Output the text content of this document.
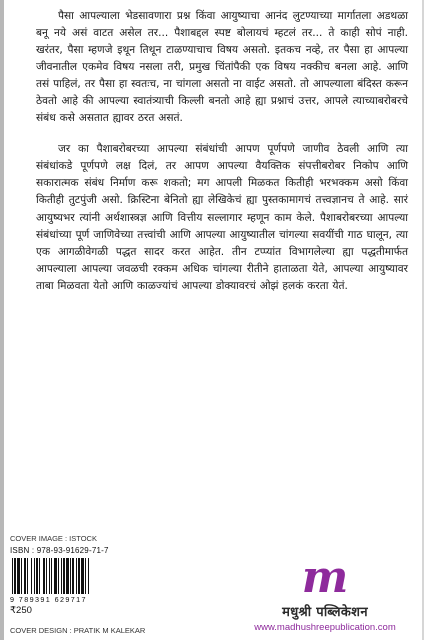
पैसा आपल्याला भेडसावणारा प्रश्न किंवा आयुष्याचा आनंद लुटण्याच्या मार्गातला अडथळा बनू नये असं वाटत असेल तर... पैशाबद्दल स्पष्ट बोलायचं म्हटलं तर... ते काही सोपं नाही. खरंतर, पैसा म्हणजे इथून तिथून टाळण्याचाच विषय असतो. इतकच नव्हे, तर पैसा हा आपल्या जीवनातील एकमेव विषय नसला तरी, प्रमुख चिंतांपैकी एक विषय नक्कीच बनला आहे. आणि तसं पाहिलं, तर पैसा हा स्वतःच, ना चांगला असतो ना वाईट असतो. तो आपल्याला बंदिस्त करून ठेवतो आहे की आपल्या स्वातंत्र्याची किल्ली बनतो आहे ह्या प्रश्नाचं उत्तर, आपले त्याच्याबरोबरचे संबंध कसे असतात ह्यावर ठरत असतं.

जर का पैशाबरोबरच्या आपल्या संबंधांची आपण पूर्णपणे जाणीव ठेवली आणि त्या संबंधांकडे पूर्णपणे लक्ष दिलं, तर आपण आपल्या वैयक्तिक संपत्तीबरोबर निकोप आणि सकारात्मक संबंध निर्माण करू शकतो; मग आपली मिळकत कितीही भरभक्कम असो किंवा कितीही तुटपुंजी असो. क्रिस्टिना बेनितो ह्या लेखिकेचं ह्या पुस्तकामागचं तत्त्वज्ञानच ते आहे. सारं आयुष्यभर त्यांनी अर्थशास्त्रज्ञ आणि वित्तीय सल्लागार म्हणून काम केले. पैशाबरोबरच्या आपल्या संबंधांच्या पूर्ण जाणिवेच्या तत्त्वांची आणि आपल्या आयुष्यातील चांगल्या सवयींची गाठ घालून, त्या एक आगळीवेगळी पद्धत सादर करत आहेत. तीन टप्प्यांत विभागलेल्या ह्या पद्धतीमार्फत आपल्याला आपल्या जवळची रक्कम अधिक चांगल्या रीतीने हाताळता येते, आपल्या आयुष्यावर ताबा मिळवता येतो आणि काळज्यांचं आपल्या डोक्यावरचं ओझं हलकं करता येतं.

COVER IMAGE : ISTOCK
ISBN : 978-93-91629-71-7
9 789391 629717
₹250
COVER DESIGN : PRATIK M KALEKAR
m
मधुश्री पब्लिकेशन
www.madhushreepublication.com
